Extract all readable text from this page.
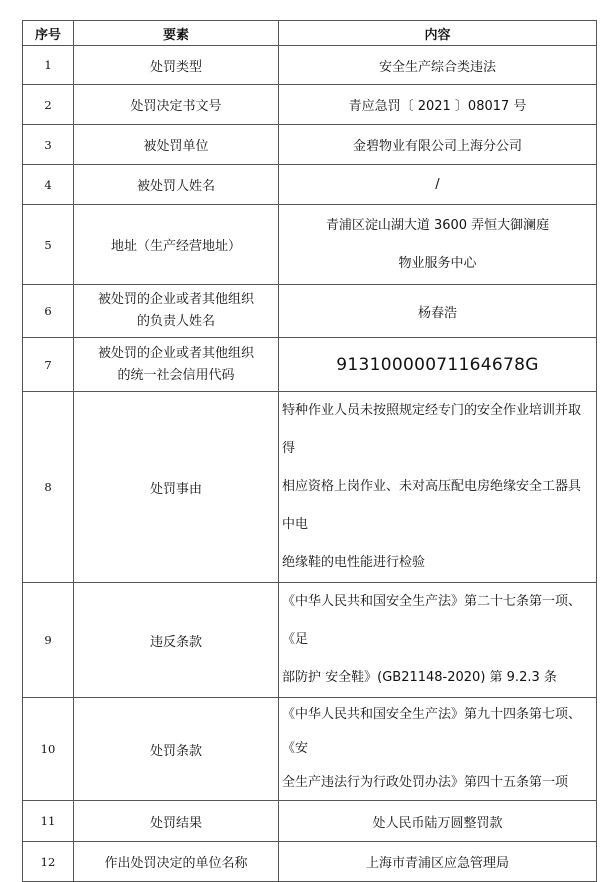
序号	要素	内容
1	处罚类型	安全生产综合类违法
2	处罚决定书文号	青应急罚〔 2021 〕08017 号
3	被处罚单位	金碧物业有限公司上海分公司
4	被处罚人姓名	/
5	地址（生产经营地址）	青浦区淀山湖大道 3600 弄恒大御澜庭
物业服务中心

6	被处罚的企业或者其他组织
的负责人姓名	杨春浩
7	被处罚的企业或者其他组织
的统一社会信用代码	91310000071164678G
8	处罚事由	特种作业人员未按照规定经专门的安全作业培训并取得
相应资格上岗作业、未对高压配电房绝缘安全工器具中电
绝缘鞋的电性能进行检验

9	违反条款	《中华人民共和国安全生产法》第二十七条第一项、《足
部防护 安全鞋》(GB21148-2020) 第 9.2.3 条

10	处罚条款	《中华人民共和国安全生产法》第九十四条第七项、《安
全生产违法行为行政处罚办法》第四十五条第一项

11	处罚结果	处人民币陆万圆整罚款
12	作出处罚决定的单位名称	上海市青浦区应急管理局
